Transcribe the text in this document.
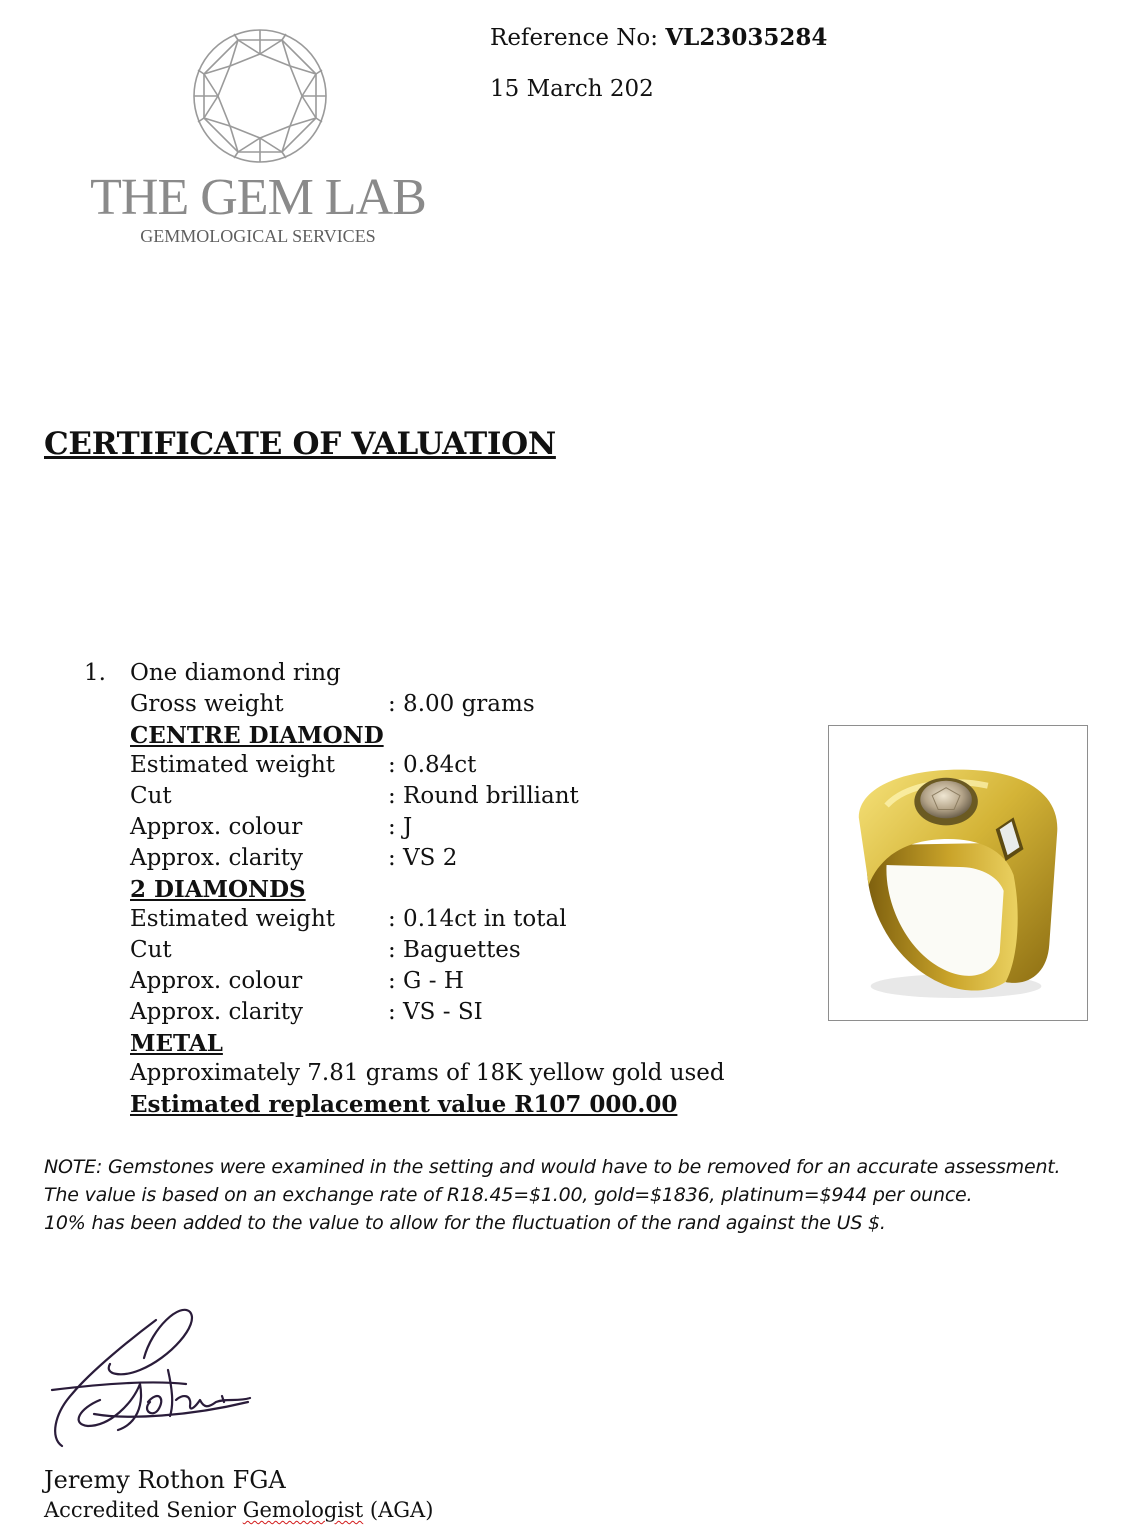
THE GEM LAB
GEMMOLOGICAL SERVICES
Reference No: VL23035284
15 March 202
CERTIFICATE OF VALUATION
1. One diamond ring
Gross weight	: 8.00 grams
CENTRE DIAMOND
Estimated weight : 0.84ct
Cut	: Round brilliant
Approx. colour	: J
Approx. clarity	: VS 2
2 DIAMONDS
Estimated weight : 0.14ct in total
Cut	: Baguettes
Approx. colour	: G - H
Approx. clarity	: VS - SI
METAL
Approximately 7.81 grams of 18K yellow gold used
Estimated replacement value R107 000.00
NOTE: Gemstones were examined in the setting and would have to be removed for an accurate assessment.
The value is based on an exchange rate of R18.45=$1.00, gold=$1836, platinum=$944 per ounce.
10% has been added to the value to allow for the fluctuation of the rand against the US $.
Jeremy Rothon FGA
Accredited Senior Gemologist (AGA)
